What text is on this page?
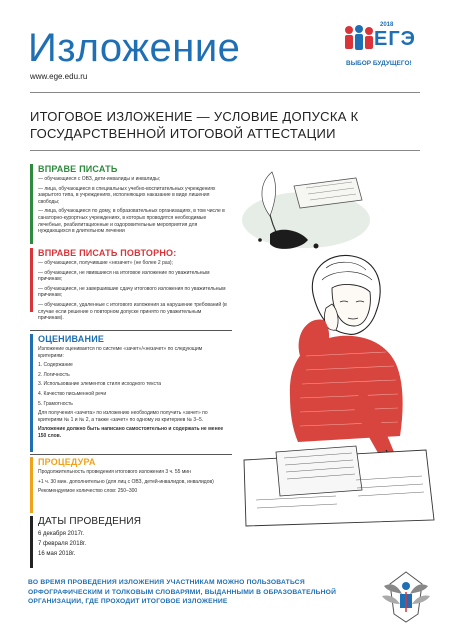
Изложение
www.ege.edu.ru
2018
ЕГЭ
ВЫБОР БУДУЩЕГО!
ИТОГОВОЕ ИЗЛОЖЕНИЕ — УСЛОВИЕ ДОПУСКА К ГОСУДАРСТВЕННОЙ ИТОГОВОЙ АТТЕСТАЦИИ
ВПРАВЕ ПИСАТЬ

— обучающиеся с ОВЗ, дети-инвалиды и инвалиды;

— лица, обучающиеся в специальных учебно-воспитательных учреждениях закрытого типа, в учреждениях, исполняющих наказание в виде лишения свободы;

— лица, обучающиеся по дому, в образовательных организациях, в том числе в санаторно-курортных учреждениях, в которых проводятся необходимые лечебные, реабилитационные и оздоровительные мероприятия для нуждающихся в длительном лечении

ВПРАВЕ ПИСАТЬ ПОВТОРНО:

— обучающиеся, получившие «незачет» (не более 2 раз);

— обучающиеся, не явившиеся на итоговое изложение по уважительным причинам;

— обучающиеся, не завершившие сдачу итогового изложения по уважительным причинам;

— обучающиеся, удаленные с итогового изложения за нарушение требований (в случае если решение о повторном допуске принято по уважительным причинам).

ОЦЕНИВАНИЕ

Изложение оценивается по системе «зачет»/«незачет» по следующим критериям:

1. Содержание

2. Логичность

3. Использование элементов стиля исходного текста

4. Качество письменной речи

5. Грамотность

Для получения «зачета» по изложению необходимо получить «зачет» по критериям № 1 и № 2, а также «зачет» по одному из критериев № 3–5.

Изложение должно быть написано самостоятельно и содержать не менее 150 слов.

ПРОЦЕДУРА

Продолжительность проведения итогового изложения 3 ч. 55 мин

+1 ч. 30 мин. дополнительно (для лиц с ОВЗ, детей-инвалидов, инвалидов)

Рекомендуемое количество слов: 250–300

ДАТЫ ПРОВЕДЕНИЯ
6 декабря 2017г.
7 февраля 2018г.
16 мая 2018г.
ВО ВРЕМЯ ПРОВЕДЕНИЯ ИЗЛОЖЕНИЯ УЧАСТНИКАМ МОЖНО ПОЛЬЗОВАТЬСЯ ОРФОГРАФИЧЕСКИМ И ТОЛКОВЫМ СЛОВАРЯМИ, ВЫДАННЫМИ В ОБРАЗОВАТЕЛЬНОЙ ОРГАНИЗАЦИИ, ГДЕ ПРОХОДИТ ИТОГОВОЕ ИЗЛОЖЕНИЕ
